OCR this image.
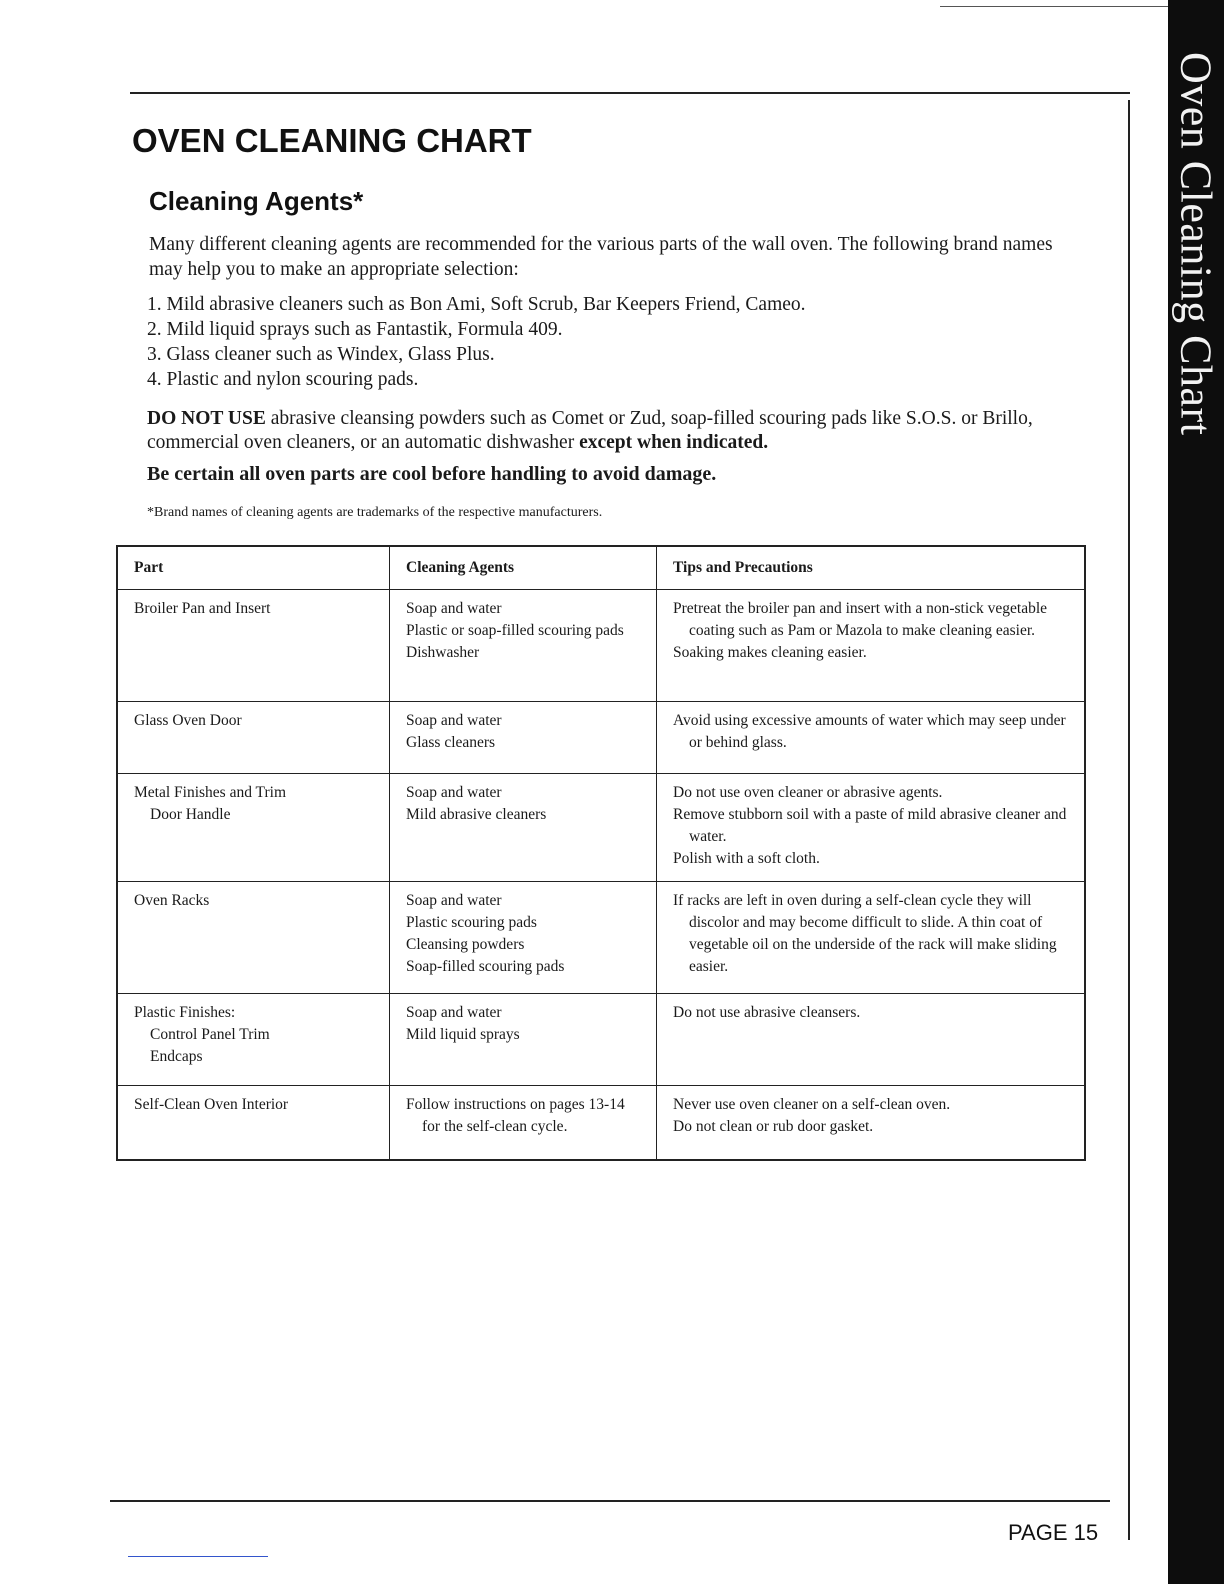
Oven Cleaning Chart
OVEN CLEANING CHART
Cleaning Agents*

Many different cleaning agents are recommended for the various parts of the wall oven. The following brand names may help you to make an appropriate selection:

1. Mild abrasive cleaners such as Bon Ami, Soft Scrub, Bar Keepers Friend, Cameo.
2. Mild liquid sprays such as Fantastik, Formula 409.
3. Glass cleaner such as Windex, Glass Plus.
4. Plastic and nylon scouring pads.

DO NOT USE abrasive cleansing powders such as Comet or Zud, soap-filled scouring pads like S.O.S. or Brillo, commercial oven cleaners, or an automatic dishwasher except when indicated.

Be certain all oven parts are cool before handling to avoid damage.

*Brand names of cleaning agents are trademarks of the respective manufacturers.

Part	Cleaning Agents	Tips and Precautions

Broiler Pan and Insert	Soap and water
Plastic or soap-filled scouring pads
Dishwasher	Pretreat the broiler pan and insert with a non-stick vegetable coating such as Pam or Mazola to make cleaning easier.
Soaking makes cleaning easier.

Glass Oven Door	Soap and water
Glass cleaners	Avoid using excessive amounts of water which may seep under or behind glass.

Metal Finishes and Trim
Door Handle	Soap and water
Mild abrasive cleaners	Do not use oven cleaner or abrasive agents.
Remove stubborn soil with a paste of mild abrasive cleaner and water.
Polish with a soft cloth.

Oven Racks	Soap and water
Plastic scouring pads
Cleansing powders
Soap-filled scouring pads	If racks are left in oven during a self-clean cycle they will discolor and may become difficult to slide. A thin coat of vegetable oil on the underside of the rack will make sliding easier.

Plastic Finishes:
Control Panel Trim
Endcaps	Soap and water
Mild liquid sprays	Do not use abrasive cleansers.

Self-Clean Oven Interior	Follow instructions on pages 13-14 for the self-clean cycle.	Never use oven cleaner on a self-clean oven.
Do not clean or rub door gasket.

PAGE 15
